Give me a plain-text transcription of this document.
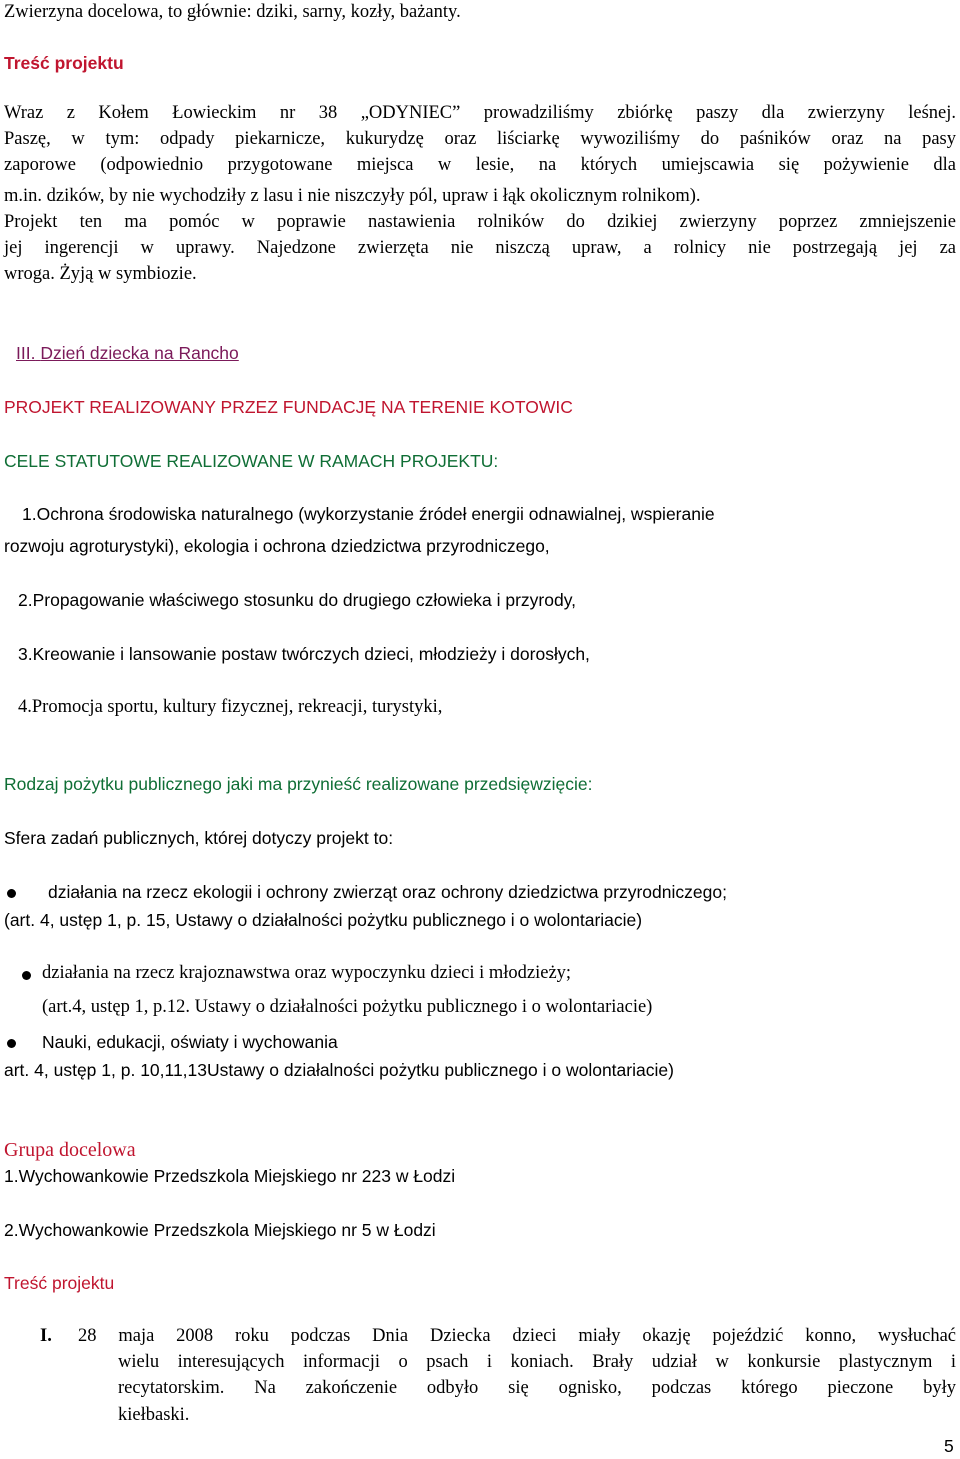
Zwierzyna docelowa, to głównie: dziki, sarny, kozły, bażanty.
Treść projektu
Wraz z Kołem Łowieckim nr 38 „ODYNIEC” prowadziliśmy zbiórkę paszy dla zwierzyny leśnej.
Paszę, w tym: odpady piekarnicze, kukurydzę oraz liściarkę wywoziliśmy do paśników oraz na pasy
zaporowe (odpowiednio przygotowane miejsca w lesie, na których umiejscawia się pożywienie dla
m.in. dzików, by nie wychodziły z lasu i nie niszczyły pól, upraw i łąk okolicznym rolnikom).
Projekt ten ma pomóc w poprawie nastawienia rolników do dzikiej zwierzyny poprzez zmniejszenie
jej ingerencji w uprawy. Najedzone zwierzęta nie niszczą upraw, a rolnicy nie postrzegają jej za
wroga. Żyją w symbiozie.
III. Dzień dziecka na Rancho
PROJEKT REALIZOWANY PRZEZ FUNDACJĘ NA TERENIE KOTOWIC
CELE STATUTOWE REALIZOWANE W RAMACH PROJEKTU:
1.Ochrona środowiska naturalnego (wykorzystanie źródeł energii odnawialnej, wspieranie
rozwoju agroturystyki), ekologia i ochrona dziedzictwa przyrodniczego,
2.Propagowanie właściwego stosunku do drugiego człowieka i przyrody,
3.Kreowanie i lansowanie postaw twórczych dzieci, młodzieży i dorosłych,
4.Promocja sportu, kultury fizycznej, rekreacji, turystyki,
Rodzaj pożytku publicznego jaki ma przynieść realizowane przedsięwzięcie:
Sfera zadań publicznych, której dotyczy projekt to:
działania na rzecz ekologii i ochrony zwierząt oraz ochrony dziedzictwa przyrodniczego;
(art. 4, ustęp 1, p. 15, Ustawy o działalności pożytku publicznego i o wolontariacie)
działania na rzecz krajoznawstwa oraz wypoczynku dzieci i młodzieży;
(art.4, ustęp 1, p.12. Ustawy o działalności pożytku publicznego i o wolontariacie)
Nauki, edukacji, oświaty i wychowania
art. 4, ustęp 1, p. 10,11,13Ustawy o działalności pożytku publicznego i o wolontariacie)
Grupa docelowa
1.Wychowankowie Przedszkola Miejskiego nr 223 w Łodzi
2.Wychowankowie Przedszkola Miejskiego nr 5 w Łodzi
Treść projektu
I. 28 maja 2008 roku podczas Dnia Dziecka dzieci miały okazję pojeździć konno, wysłuchać
wielu interesujących informacji o psach i koniach. Brały udział w konkursie plastycznym i
recytatorskim. Na zakończenie odbyło się ognisko, podczas którego pieczone były
kiełbaski.
5
